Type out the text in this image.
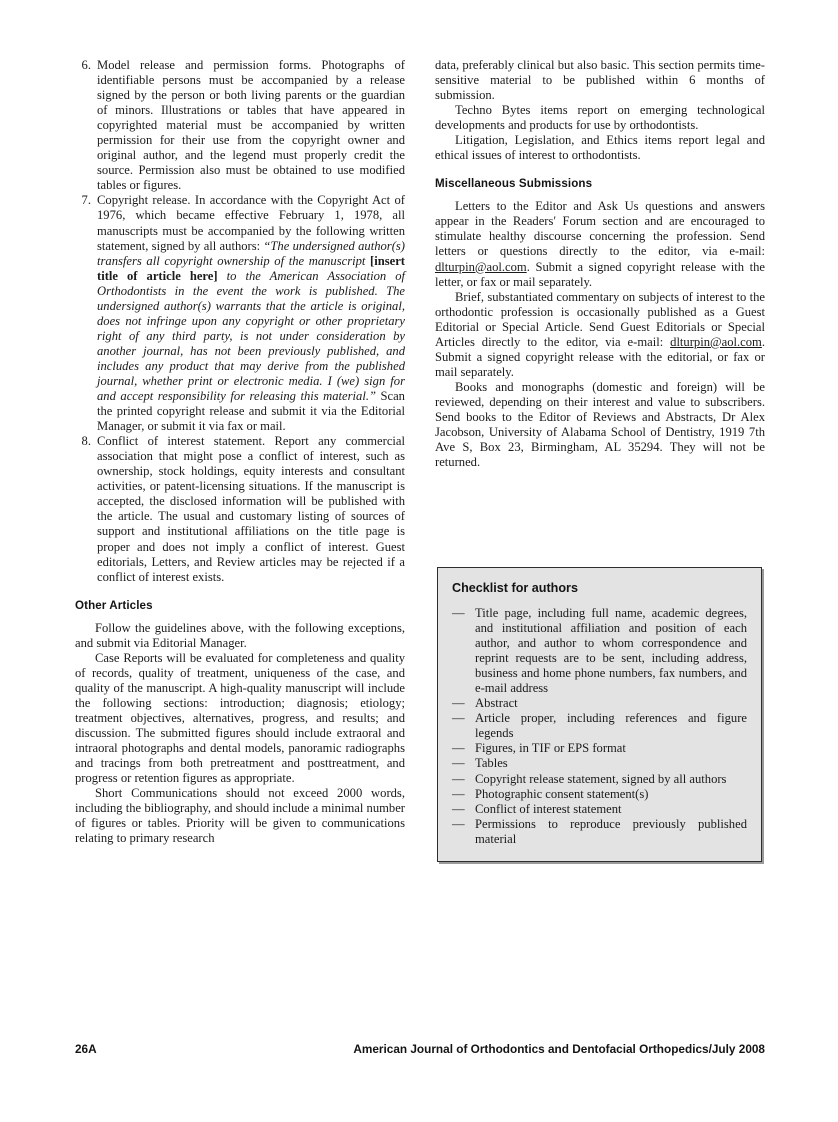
6. Model release and permission forms. Photographs of identifiable persons must be accompanied by a release signed by the person or both living parents or the guardian of minors. Illustrations or tables that have appeared in copyrighted material must be accompanied by written permission for their use from the copyright owner and original author, and the legend must properly credit the source. Permission also must be obtained to use modified tables or figures.
7. Copyright release. In accordance with the Copyright Act of 1976, which became effective February 1, 1978, all manuscripts must be accompanied by the following written statement, signed by all authors: “The undersigned author(s) transfers all copyright ownership of the manuscript [insert title of article here] to the American Association of Orthodontists in the event the work is published. The undersigned author(s) warrants that the article is original, does not infringe upon any copyright or other proprietary right of any third party, is not under consideration by another journal, has not been previously published, and includes any product that may derive from the published journal, whether print or electronic media. I (we) sign for and accept responsibility for releasing this material.” Scan the printed copyright release and submit it via the Editorial Manager, or submit it via fax or mail.
8. Conflict of interest statement. Report any commercial association that might pose a conflict of interest, such as ownership, stock holdings, equity interests and consultant activities, or patent-licensing situations. If the manuscript is accepted, the disclosed information will be published with the article. The usual and customary listing of sources of support and institutional affiliations on the title page is proper and does not imply a conflict of interest. Guest editorials, Letters, and Review articles may be rejected if a conflict of interest exists.
Other Articles

Follow the guidelines above, with the following exceptions, and submit via Editorial Manager.

Case Reports will be evaluated for completeness and quality of records, quality of treatment, uniqueness of the case, and quality of the manuscript. A high-quality manuscript will include the following sections: introduction; diagnosis; etiology; treatment objectives, alternatives, progress, and results; and discussion. The submitted figures should include extraoral and intraoral photographs and dental models, panoramic radiographs and tracings from both pretreatment and posttreatment, and progress or retention figures as appropriate.

Short Communications should not exceed 2000 words, including the bibliography, and should include a minimal number of figures or tables. Priority will be given to communications relating to primary research

data, preferably clinical but also basic. This section permits time-sensitive material to be published within 6 months of submission.

Techno Bytes items report on emerging technological developments and products for use by orthodontists.

Litigation, Legislation, and Ethics items report legal and ethical issues of interest to orthodontists.

Miscellaneous Submissions

Letters to the Editor and Ask Us questions and answers appear in the Readersʹ Forum section and are encouraged to stimulate healthy discourse concerning the profession. Send letters or questions directly to the editor, via e-mail: dlturpin@aol.com. Submit a signed copyright release with the letter, or fax or mail separately.

Brief, substantiated commentary on subjects of interest to the orthodontic profession is occasionally published as a Guest Editorial or Special Article. Send Guest Editorials or Special Articles directly to the editor, via e-mail: dlturpin@aol.com. Submit a signed copyright release with the editorial, or fax or mail separately.

Books and monographs (domestic and foreign) will be reviewed, depending on their interest and value to subscribers. Send books to the Editor of Reviews and Abstracts, Dr Alex Jacobson, University of Alabama School of Dentistry, 1919 7th Ave S, Box 23, Birmingham, AL 35294. They will not be returned.

Checklist for authors
— Title page, including full name, academic degrees, and institutional affiliation and position of each author, and author to whom correspondence and reprint requests are to be sent, including address, business and home phone numbers, fax numbers, and e-mail address
— Abstract
— Article proper, including references and figure legends
— Figures, in TIF or EPS format
— Tables
— Copyright release statement, signed by all authors
— Photographic consent statement(s)
— Conflict of interest statement
— Permissions to reproduce previously published material
26A	American Journal of Orthodontics and Dentofacial Orthopedics/July 2008
